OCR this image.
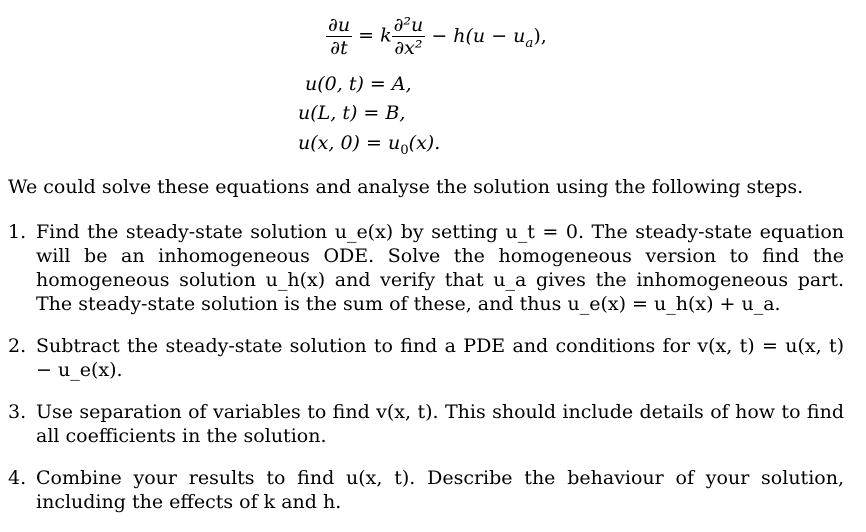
$\frac{\partial u}{\partial t} = k \frac{\text{∂²u}}{\text{∂x²}} - h(u - u_a)$,
u(0, t) = A,
u(L, t) = B,
u(x, $0) = u_0(x)$.
We could solve these equations and analyse the solution using the following steps.
1. Find the steady-state solution u_e(x) by setting u_t = 0. The steady-state equation will be an inhomogeneous ODE. Solve the homogeneous version to find the homogeneous solution u_h(x) and verify that u_a gives the inhomogeneous part. The steady-state solution is the sum of these, and thus u_e(x) = u_h(x) + u_a.
2. Subtract the steady-state solution to find a PDE and conditions for v(x, t) = u(x, t) − u_e(x).
3. Use separation of variables to find v(x, t). This should include details of how to find all coefficients in the solution.
4. Combine your results to find u(x, t). Describe the behaviour of your solution, including the effects of k and h.
